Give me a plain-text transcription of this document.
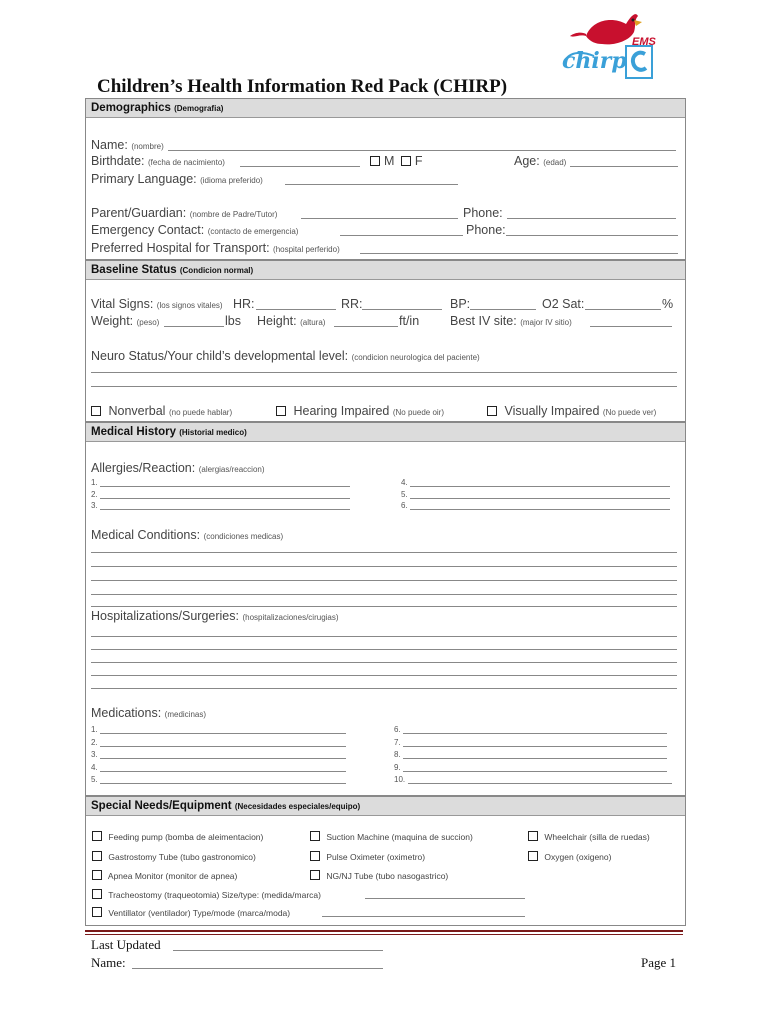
chirp
EMS
Children’s Health Information Red Pack (CHIRP)
Demographics (Demografia)
Name: (nombre)
Birthdate: (fecha de nacimiento)	M F	Age: (edad)
Primary Language: (idioma preferido)
Parent/Guardian: (nombre de Padre/Tutor)	Phone:
Emergency Contact: (contacto de emergencia)	Phone:
Preferred Hospital for Transport: (hospital perferido)
Baseline Status (Condicion normal)
Vital Signs: (los signos vitales) HR:	RR:	BP:	O2 Sat:	%
Weight: (peso)	lbs Height: (altura)	ft/in Best IV site: (major IV sitio)
Neuro Status/Your child’s developmental level: (condicion neurologica del paciente)
Nonverbal (no puede hablar)	Hearing Impaired (No puede oir)	Visually Impaired (No puede ver)
Medical History (Historial medico)
Allergies/Reaction: (alergias/reaccion)
1.
2.
3.
4.
5.
6.
Medical Conditions: (condiciones medicas)
Hospitalizations/Surgeries: (hospitalizaciones/cirugias)
Medications: (medicinas)
1.
2.
3.
4.
5.
6.
7.
8.
9.
10.
Special Needs/Equipment (Necesidades especiales/equipo)
Feeding pump (bomba de aleimentacion)	Suction Machine (maquina de succion)	Wheelchair (silla de ruedas)
Gastrostomy Tube (tubo gastronomico)	Pulse Oximeter (oximetro)	Oxygen (oxigeno)
Apnea Monitor (monitor de apnea)	NG/NJ Tube (tubo nasogastrico)
Tracheostomy (traqueotomia) Size/type: (medida/marca)
Ventillator (ventilador) Type/mode (marca/moda)
Last Updated
Name:	Page 1
